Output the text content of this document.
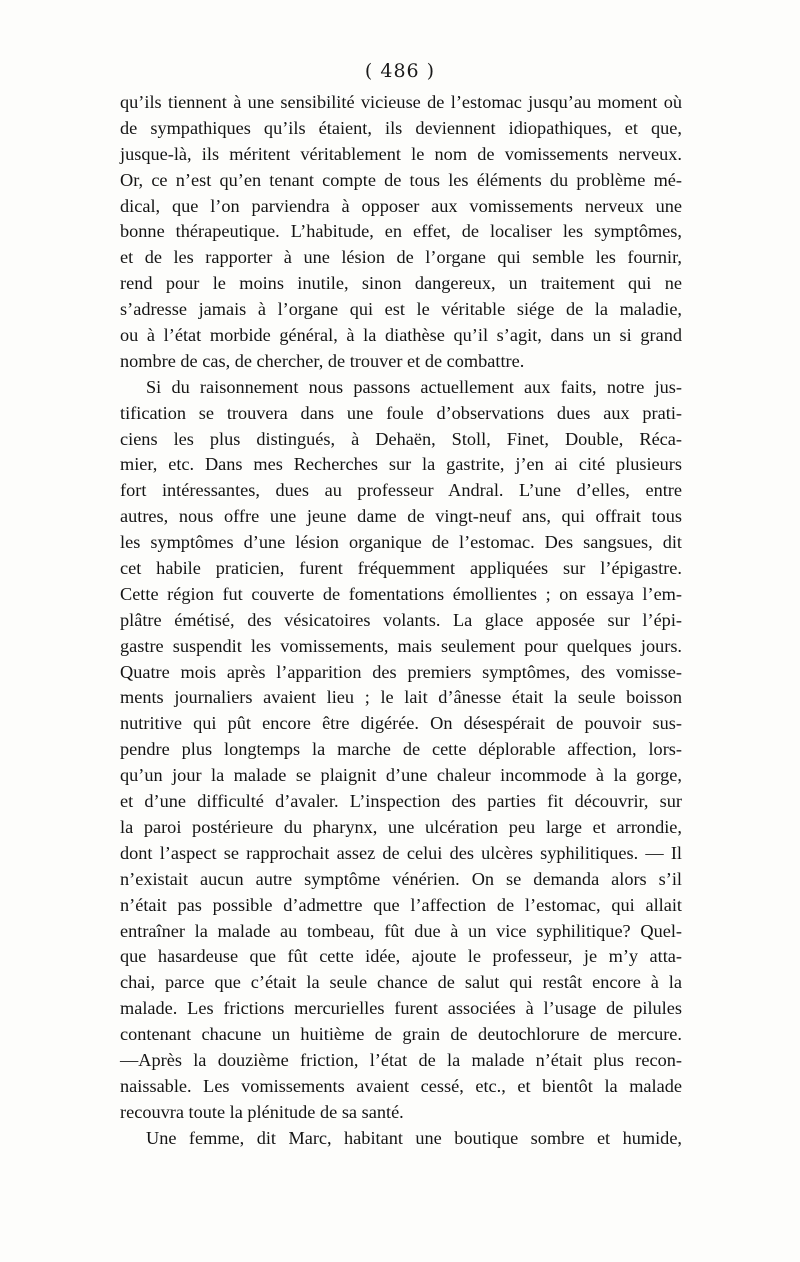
( 486 )
qu’ils tiennent à une sensibilité vicieuse de l’estomac jusqu’au moment où
de sympathiques qu’ils étaient, ils deviennent idiopathiques, et que,
jusque-là, ils méritent véritablement le nom de vomissements nerveux.
Or, ce n’est qu’en tenant compte de tous les éléments du problème mé-
dical, que l’on parviendra à opposer aux vomissements nerveux une
bonne thérapeutique. L’habitude, en effet, de localiser les symptômes,
et de les rapporter à une lésion de l’organe qui semble les fournir,
rend pour le moins inutile, sinon dangereux, un traitement qui ne
s’adresse jamais à l’organe qui est le véritable siége de la maladie,
ou à l’état morbide général, à la diathèse qu’il s’agit, dans un si grand
nombre de cas, de chercher, de trouver et de combattre.
Si du raisonnement nous passons actuellement aux faits, notre jus-
tification se trouvera dans une foule d’observations dues aux prati-
ciens les plus distingués, à Dehaën, Stoll, Finet, Double, Réca-
mier, etc. Dans mes Recherches sur la gastrite, j’en ai cité plusieurs
fort intéressantes, dues au professeur Andral. L’une d’elles, entre
autres, nous offre une jeune dame de vingt-neuf ans, qui offrait tous
les symptômes d’une lésion organique de l’estomac. Des sangsues, dit
cet habile praticien, furent fréquemment appliquées sur l’épigastre.
Cette région fut couverte de fomentations émollientes ; on essaya l’em-
plâtre émétisé, des vésicatoires volants. La glace apposée sur l’épi-
gastre suspendit les vomissements, mais seulement pour quelques jours.
Quatre mois après l’apparition des premiers symptômes, des vomisse-
ments journaliers avaient lieu ; le lait d’ânesse était la seule boisson
nutritive qui pût encore être digérée. On désespérait de pouvoir sus-
pendre plus longtemps la marche de cette déplorable affection, lors-
qu’un jour la malade se plaignit d’une chaleur incommode à la gorge,
et d’une difficulté d’avaler. L’inspection des parties fit découvrir, sur
la paroi postérieure du pharynx, une ulcération peu large et arrondie,
dont l’aspect se rapprochait assez de celui des ulcères syphilitiques. — Il
n’existait aucun autre symptôme vénérien. On se demanda alors s’il
n’était pas possible d’admettre que l’affection de l’estomac, qui allait
entraîner la malade au tombeau, fût due à un vice syphilitique? Quel-
que hasardeuse que fût cette idée, ajoute le professeur, je m’y atta-
chai, parce que c’était la seule chance de salut qui restât encore à la
malade. Les frictions mercurielles furent associées à l’usage de pilules
contenant chacune un huitième de grain de deutochlorure de mercure.
—Après la douzième friction, l’état de la malade n’était plus recon-
naissable. Les vomissements avaient cessé, etc., et bientôt la malade
recouvra toute la plénitude de sa santé.
Une femme, dit Marc, habitant une boutique sombre et humide,
